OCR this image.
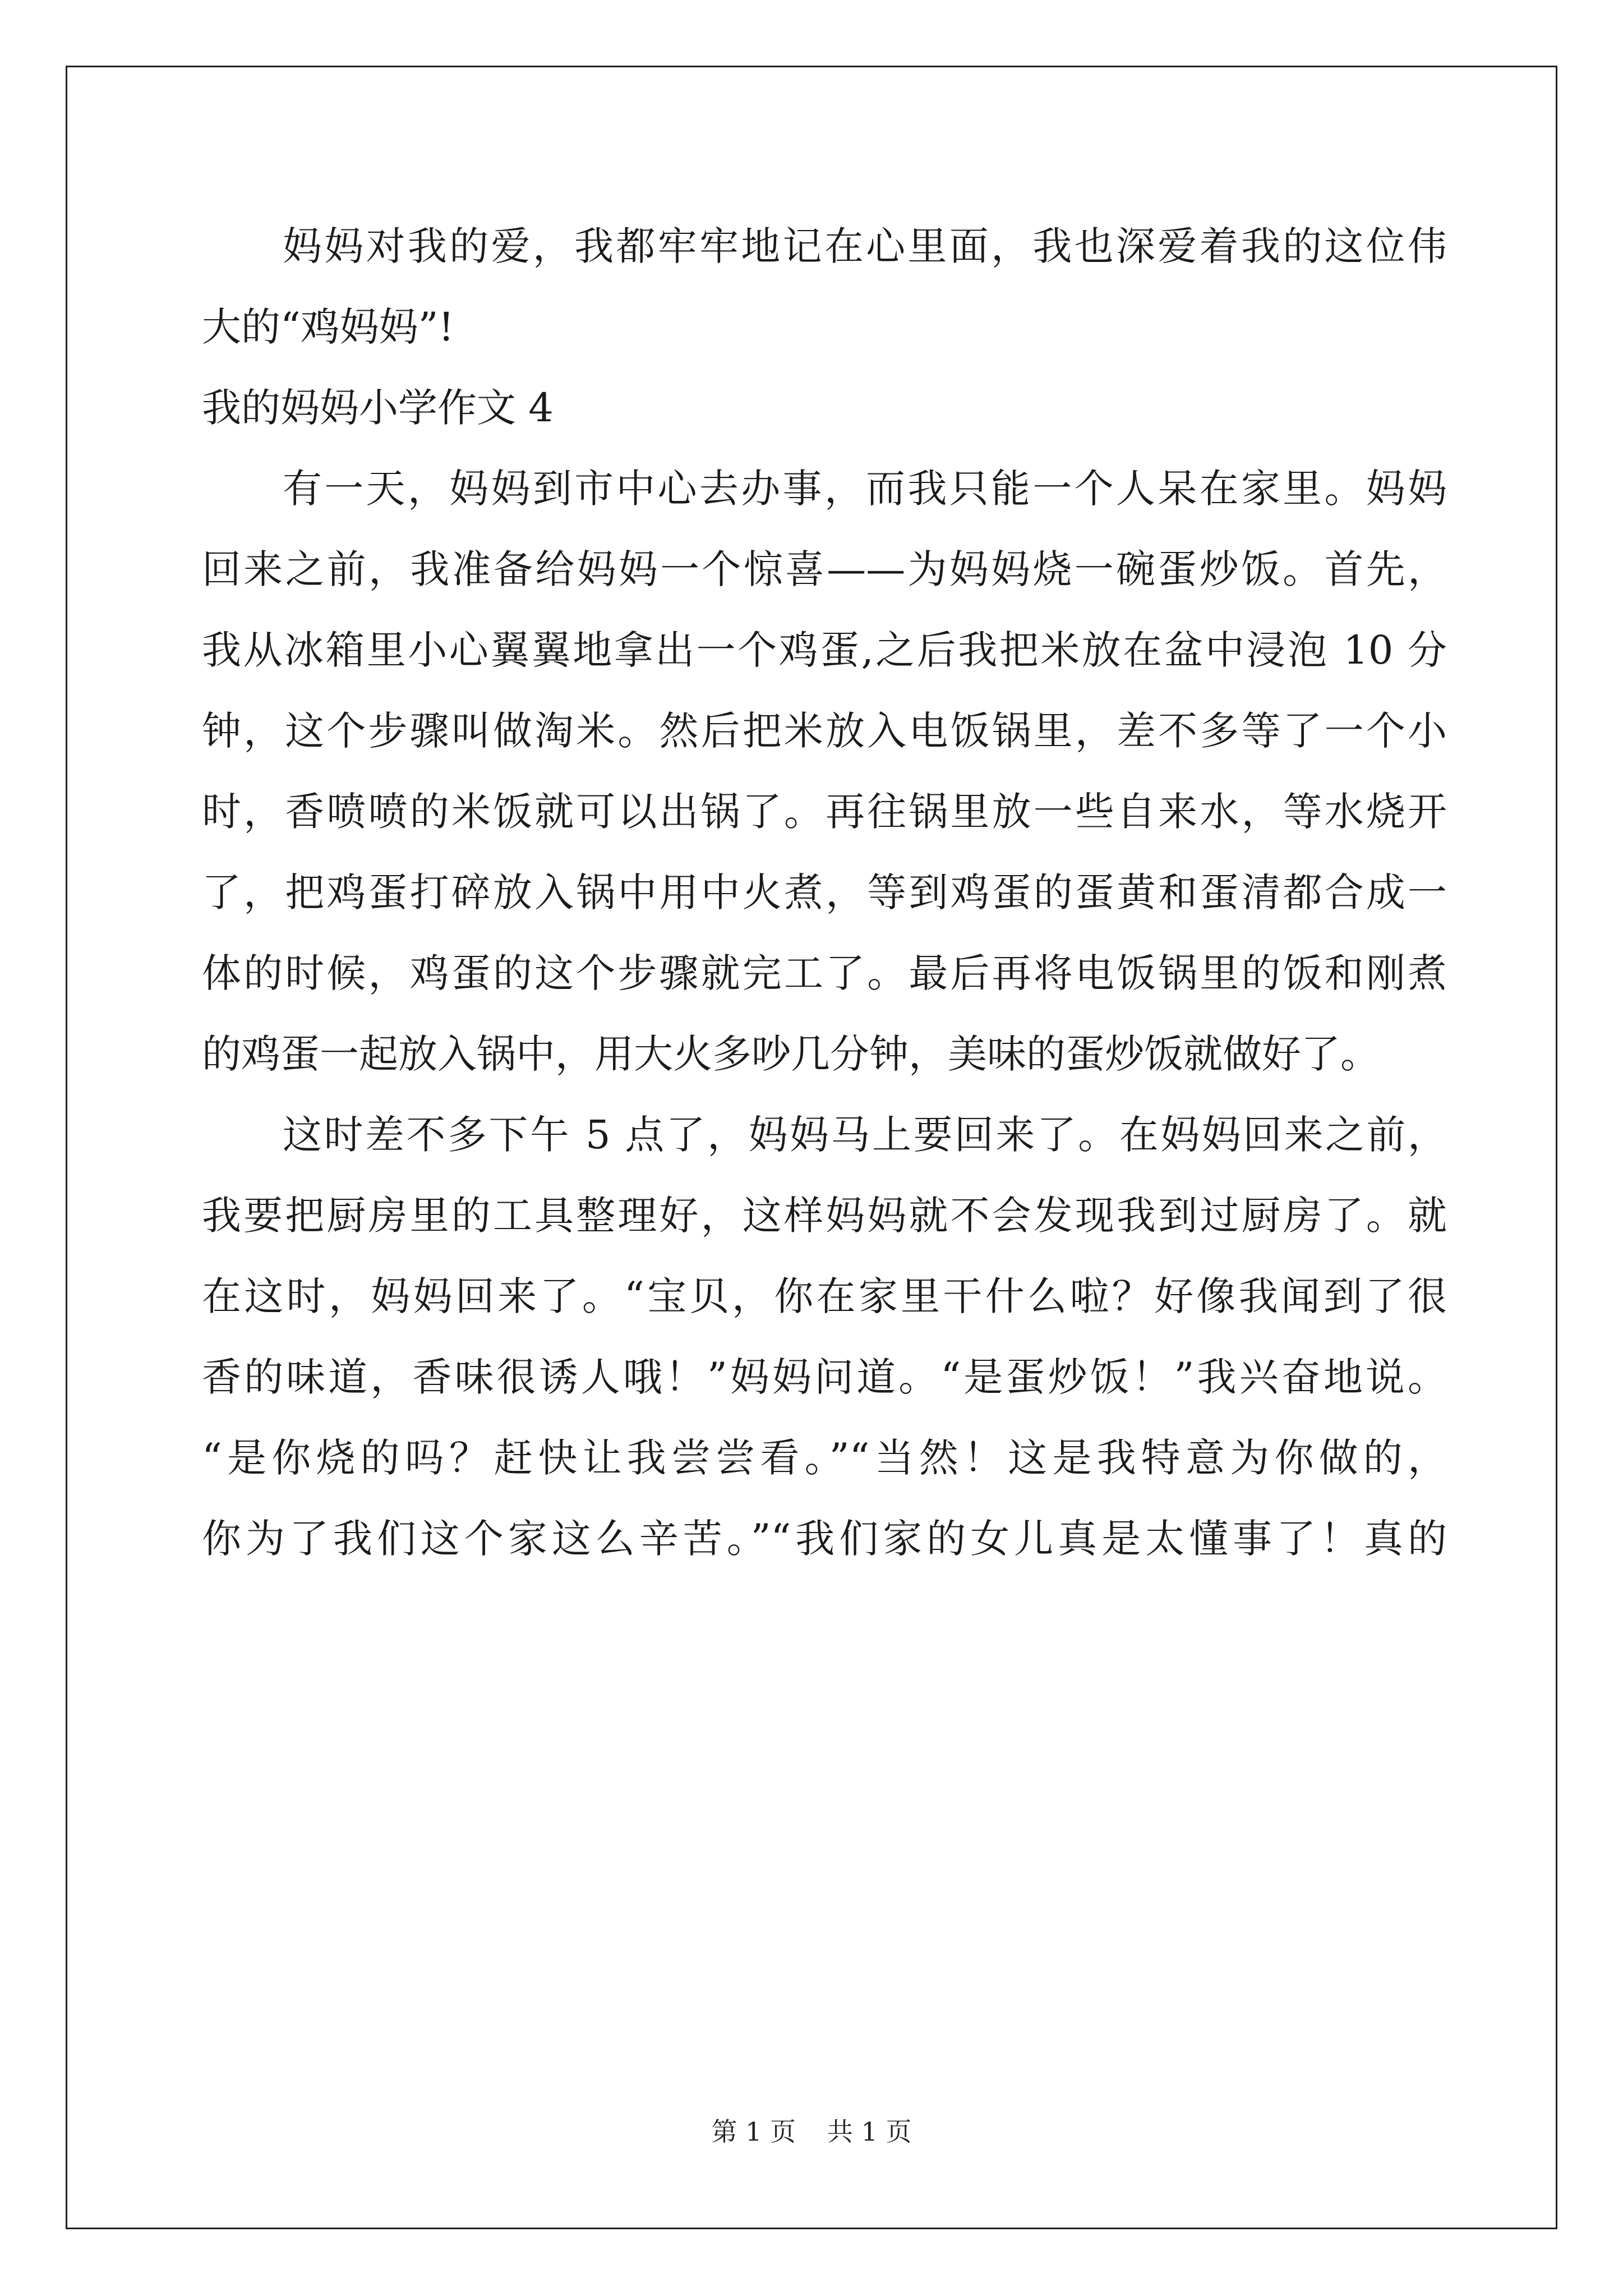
妈妈对我的爱，我都牢牢地记在心里面，我也深爱着我的这位伟
大的“鸡妈妈”!
我的妈妈小学作文 4
有一天，妈妈到市中心去办事，而我只能一个人呆在家里。妈妈
回来之前，我准备给妈妈一个惊喜——为妈妈烧一碗蛋炒饭。首先，
我从冰箱里小心翼翼地拿出一个鸡蛋,之后我把米放在盆中浸泡 10 分
钟，这个步骤叫做淘米。然后把米放入电饭锅里，差不多等了一个小
时，香喷喷的米饭就可以出锅了。再往锅里放一些自来水，等水烧开
了，把鸡蛋打碎放入锅中用中火煮，等到鸡蛋的蛋黄和蛋清都合成一
体的时候，鸡蛋的这个步骤就完工了。最后再将电饭锅里的饭和刚煮
的鸡蛋一起放入锅中，用大火多吵几分钟，美味的蛋炒饭就做好了。
这时差不多下午 5 点了，妈妈马上要回来了。在妈妈回来之前，
我要把厨房里的工具整理好，这样妈妈就不会发现我到过厨房了。就
在这时，妈妈回来了。“宝贝，你在家里干什么啦？好像我闻到了很
香的味道，香味很诱人哦！”妈妈问道。“是蛋炒饭！”我兴奋地说。
“是你烧的吗？赶快让我尝尝看。”“当然！这是我特意为你做的，
你为了我们这个家这么辛苦。”“我们家的女儿真是太懂事了！真的
第 1 页 共 1 页
